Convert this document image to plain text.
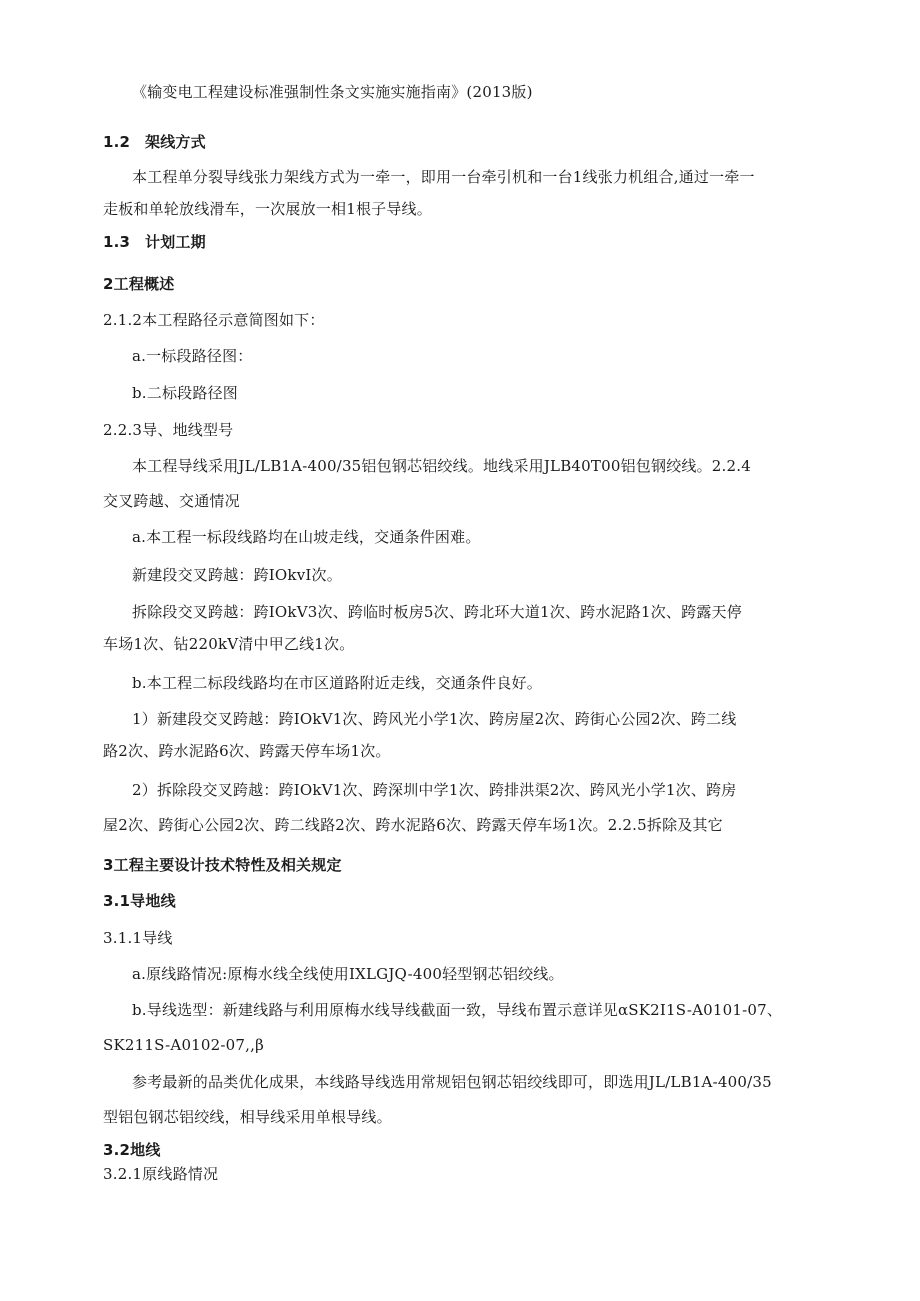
《输变电工程建设标准强制性条文实施实施指南》(2013版)
1.2 架线方式
本工程单分裂导线张力架线方式为一牵一，即用一台牵引机和一台1线张力机组合,通过一牵一
走板和单轮放线滑车，一次展放一相1根子导线。
1.3 计划工期
2工程概述
2.1.2本工程路径示意简图如下：
a.一标段路径图：
b.二标段路径图
2.2.3导、地线型号
本工程导线采用JL/LB1A-400/35铝包钢芯铝绞线。地线采用JLB40T00铝包钢绞线。2.2.4
交叉跨越、交通情况
a.本工程一标段线路均在山坡走线，交通条件困难。
新建段交叉跨越：跨IOkvI次。
拆除段交叉跨越：跨IOkV3次、跨临时板房5次、跨北环大道1次、跨水泥路1次、跨露天停
车场1次、钻220kV清中甲乙线1次。
b.本工程二标段线路均在市区道路附近走线，交通条件良好。
1）新建段交叉跨越：跨IOkV1次、跨风光小学1次、跨房屋2次、跨街心公园2次、跨二线
路2次、跨水泥路6次、跨露天停车场1次。
2）拆除段交叉跨越：跨IOkV1次、跨深圳中学1次、跨排洪渠2次、跨风光小学1次、跨房
屋2次、跨街心公园2次、跨二线路2次、跨水泥路6次、跨露天停车场1次。2.2.5拆除及其它
3工程主要设计技术特性及相关规定
3.1导地线
3.1.1导线
a.原线路情况:原梅水线全线使用IXLGJQ-400轻型钢芯铝绞线。
b.导线选型：新建线路与利用原梅水线导线截面一致，导线布置示意详见αSK2I1S-A0101-07、
SK211S-A0102-07,,β
参考最新的品类优化成果，本线路导线选用常规铝包钢芯铝绞线即可，即选用JL/LB1A-400/35
型铝包钢芯铝绞线，相导线采用单根导线。
3.2地线
3.2.1原线路情况
